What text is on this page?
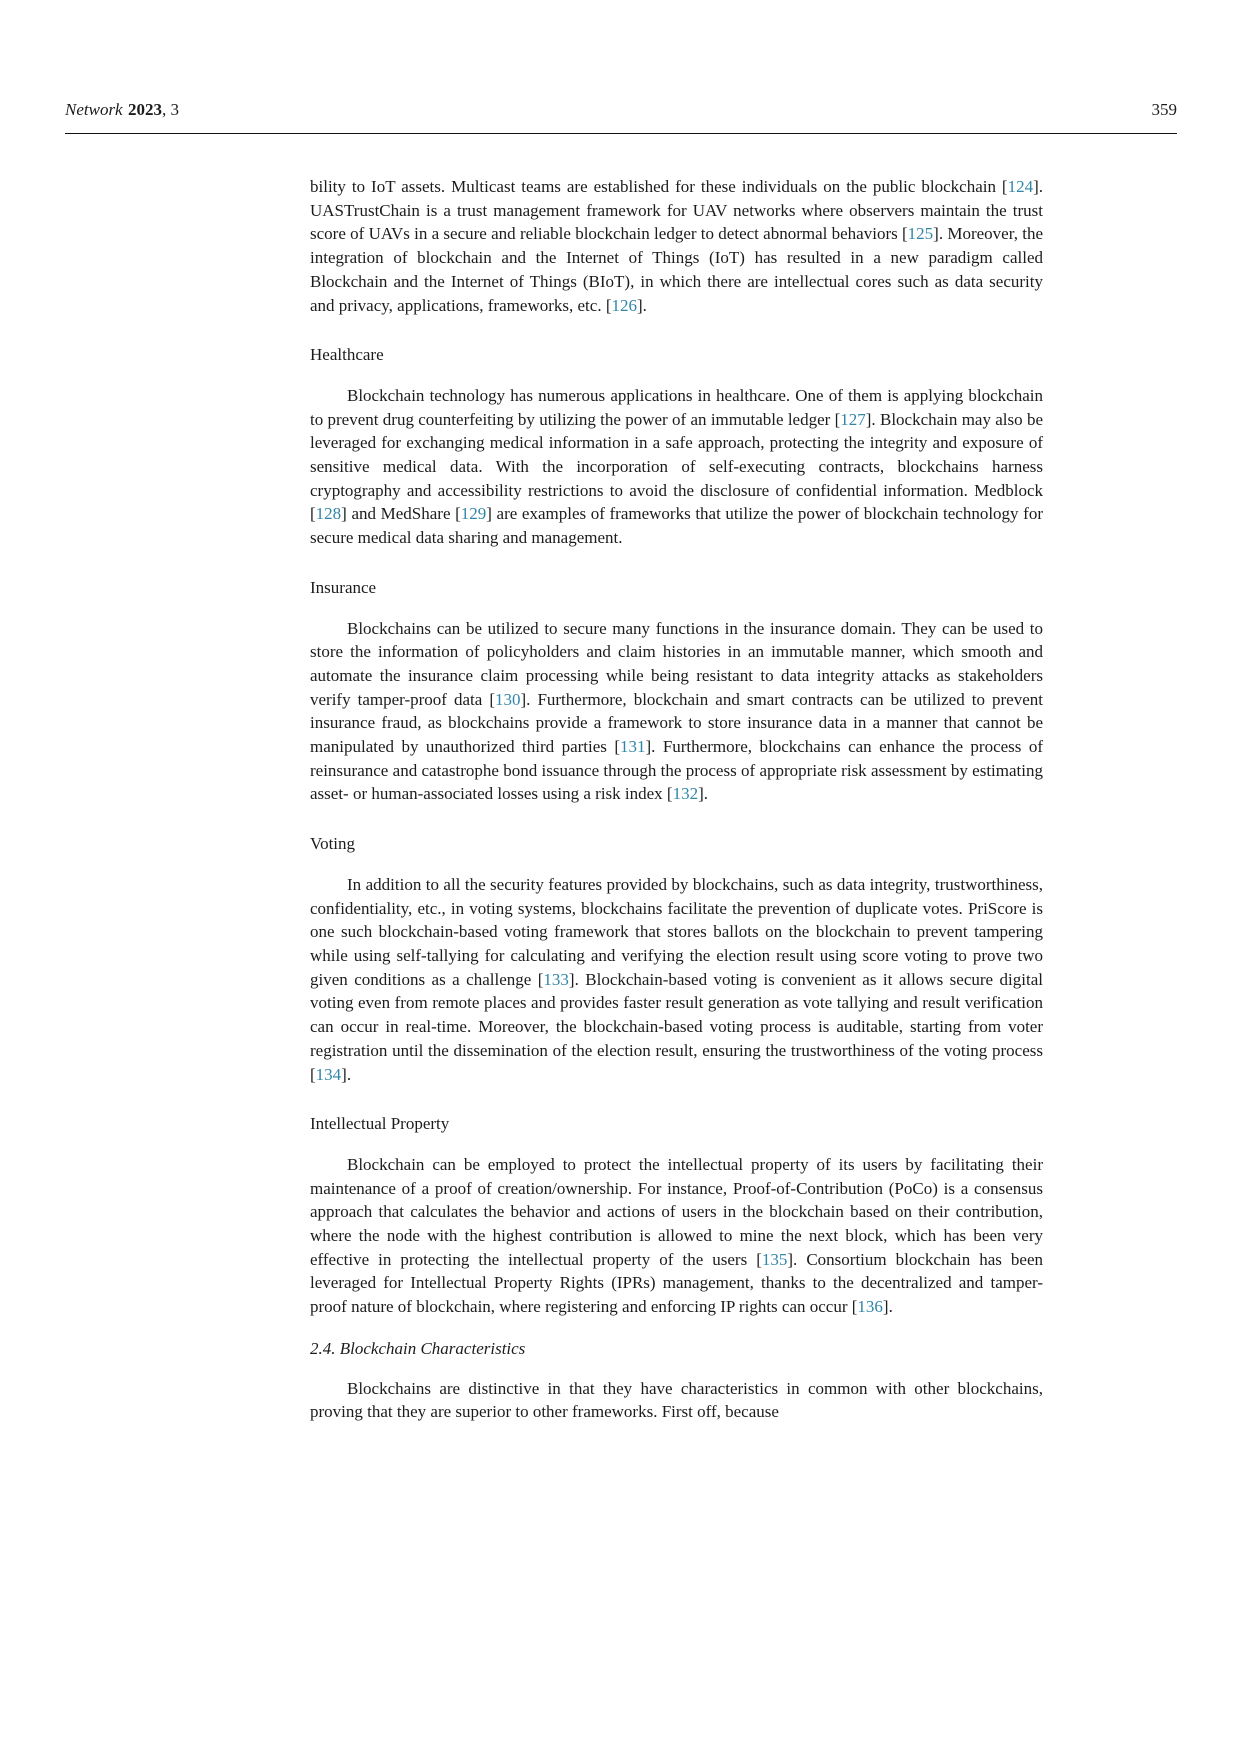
Network 2023, 3	359

bility to IoT assets. Multicast teams are established for these individuals on the public blockchain [124]. UASTrustChain is a trust management framework for UAV networks where observers maintain the trust score of UAVs in a secure and reliable blockchain ledger to detect abnormal behaviors [125]. Moreover, the integration of blockchain and the Internet of Things (IoT) has resulted in a new paradigm called Blockchain and the Internet of Things (BIoT), in which there are intellectual cores such as data security and privacy, applications, frameworks, etc. [126].

Healthcare

Blockchain technology has numerous applications in healthcare. One of them is applying blockchain to prevent drug counterfeiting by utilizing the power of an immutable ledger [127]. Blockchain may also be leveraged for exchanging medical information in a safe approach, protecting the integrity and exposure of sensitive medical data. With the incorporation of self-executing contracts, blockchains harness cryptography and accessibility restrictions to avoid the disclosure of confidential information. Medblock [128] and MedShare [129] are examples of frameworks that utilize the power of blockchain technology for secure medical data sharing and management.

Insurance

Blockchains can be utilized to secure many functions in the insurance domain. They can be used to store the information of policyholders and claim histories in an immutable manner, which smooth and automate the insurance claim processing while being resistant to data integrity attacks as stakeholders verify tamper-proof data [130]. Furthermore, blockchain and smart contracts can be utilized to prevent insurance fraud, as blockchains provide a framework to store insurance data in a manner that cannot be manipulated by unauthorized third parties [131]. Furthermore, blockchains can enhance the process of reinsurance and catastrophe bond issuance through the process of appropriate risk assessment by estimating asset- or human-associated losses using a risk index [132].

Voting

In addition to all the security features provided by blockchains, such as data integrity, trustworthiness, confidentiality, etc., in voting systems, blockchains facilitate the prevention of duplicate votes. PriScore is one such blockchain-based voting framework that stores ballots on the blockchain to prevent tampering while using self-tallying for calculating and verifying the election result using score voting to prove two given conditions as a challenge [133]. Blockchain-based voting is convenient as it allows secure digital voting even from remote places and provides faster result generation as vote tallying and result verification can occur in real-time. Moreover, the blockchain-based voting process is auditable, starting from voter registration until the dissemination of the election result, ensuring the trustworthiness of the voting process [134].

Intellectual Property

Blockchain can be employed to protect the intellectual property of its users by facilitating their maintenance of a proof of creation/ownership. For instance, Proof-of-Contribution (PoCo) is a consensus approach that calculates the behavior and actions of users in the blockchain based on their contribution, where the node with the highest contribution is allowed to mine the next block, which has been very effective in protecting the intellectual property of the users [135]. Consortium blockchain has been leveraged for Intellectual Property Rights (IPRs) management, thanks to the decentralized and tamper-proof nature of blockchain, where registering and enforcing IP rights can occur [136].

2.4. Blockchain Characteristics

Blockchains are distinctive in that they have characteristics in common with other blockchains, proving that they are superior to other frameworks. First off, because
